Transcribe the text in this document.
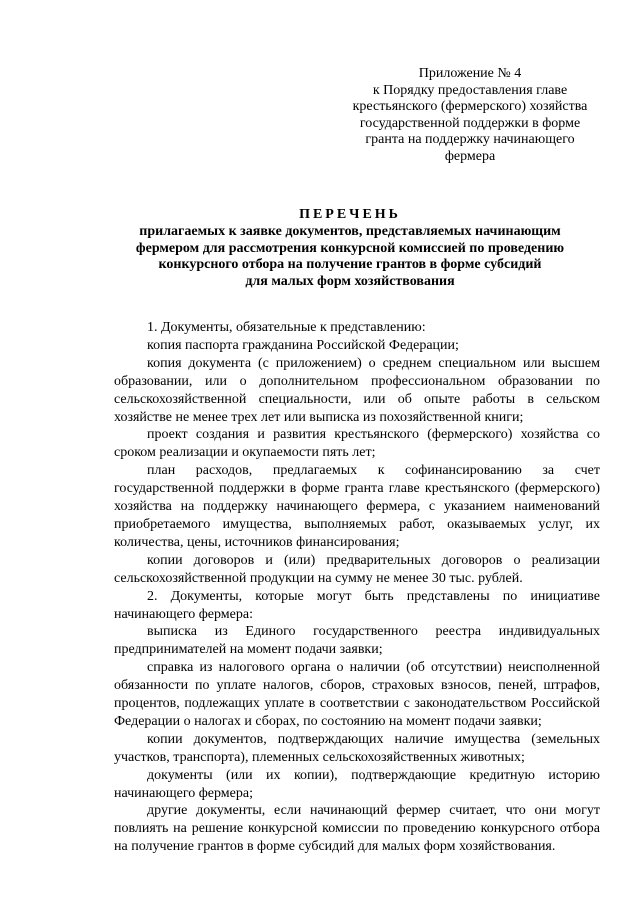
Приложение № 4
к Порядку предоставления главе
крестьянского (фермерского) хозяйства
государственной поддержки в форме
гранта на поддержку начинающего
фермера
ПЕРЕЧЕНЬ
прилагаемых к заявке документов, представляемых начинающим
фермером для рассмотрения конкурсной комиссией по проведению
конкурсного отбора на получение грантов в форме субсидий
для малых форм хозяйствования

1. Документы, обязательные к представлению:

копия паспорта гражданина Российской Федерации;

копия документа (с приложением) о среднем специальном или высшем образовании, или о дополнительном профессиональном образовании по сельскохозяйственной специальности, или об опыте работы в сельском хозяйстве не менее трех лет или выписка из похозяйственной книги;

проект создания и развития крестьянского (фермерского) хозяйства со сроком реализации и окупаемости пять лет;

план расходов, предлагаемых к софинансированию за счет государственной поддержки в форме гранта главе крестьянского (фермерского) хозяйства на поддержку начинающего фермера, с указанием наименований приобретаемого имущества, выполняемых работ, оказываемых услуг, их количества, цены, источников финансирования;

копии договоров и (или) предварительных договоров о реализации сельскохозяйственной продукции на сумму не менее 30 тыс. рублей.

2. Документы, которые могут быть представлены по инициативе начинающего фермера:

выписка из Единого государственного реестра индивидуальных предпринимателей на момент подачи заявки;

справка из налогового органа о наличии (об отсутствии) неисполненной обязанности по уплате налогов, сборов, страховых взносов, пеней, штрафов, процентов, подлежащих уплате в соответствии с законодательством Российской Федерации о налогах и сборах, по состоянию на момент подачи заявки;

копии документов, подтверждающих наличие имущества (земельных участков, транспорта), племенных сельскохозяйственных животных;

документы (или их копии), подтверждающие кредитную историю начинающего фермера;

другие документы, если начинающий фермер считает, что они могут повлиять на решение конкурсной комиссии по проведению конкурсного отбора на получение грантов в форме субсидий для малых форм хозяйствования.
